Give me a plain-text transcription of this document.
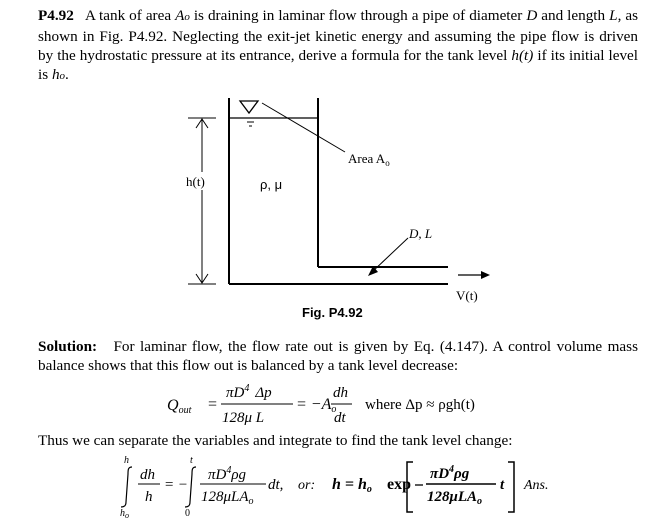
P4.92 A tank of area Ao is draining in laminar flow through a pipe of diameter D and length L, as shown in Fig. P4.92. Neglecting the exit-jet kinetic energy and assuming the pipe flow is driven by the hydrostatic pressure at its entrance, derive a formula for the tank level h(t) if its initial level is ho.
h(t)	ρ, μ
Area $A_o$
D, L
V(t)
Fig. P4.92
Solution: For laminar flow, the flow rate out is given by Eq. (4.147). A control volume mass balance shows that this flow out is balanced by a tank level decrease:
Qout =
$\pi D^4$ Δp
128μ L
= −Ao
dh
dt
where Δp ≈ ρgh(t)
Thus we can separate the variables and integrate to find the tank level change:
h
$h_o$
dh
h
= −
t
0
$\pi D^4\rho g$
128μLA$_o$
dt, or: h = ho exp
$\pi D^4\rho g$
128μLA$_o$
t Ans.
